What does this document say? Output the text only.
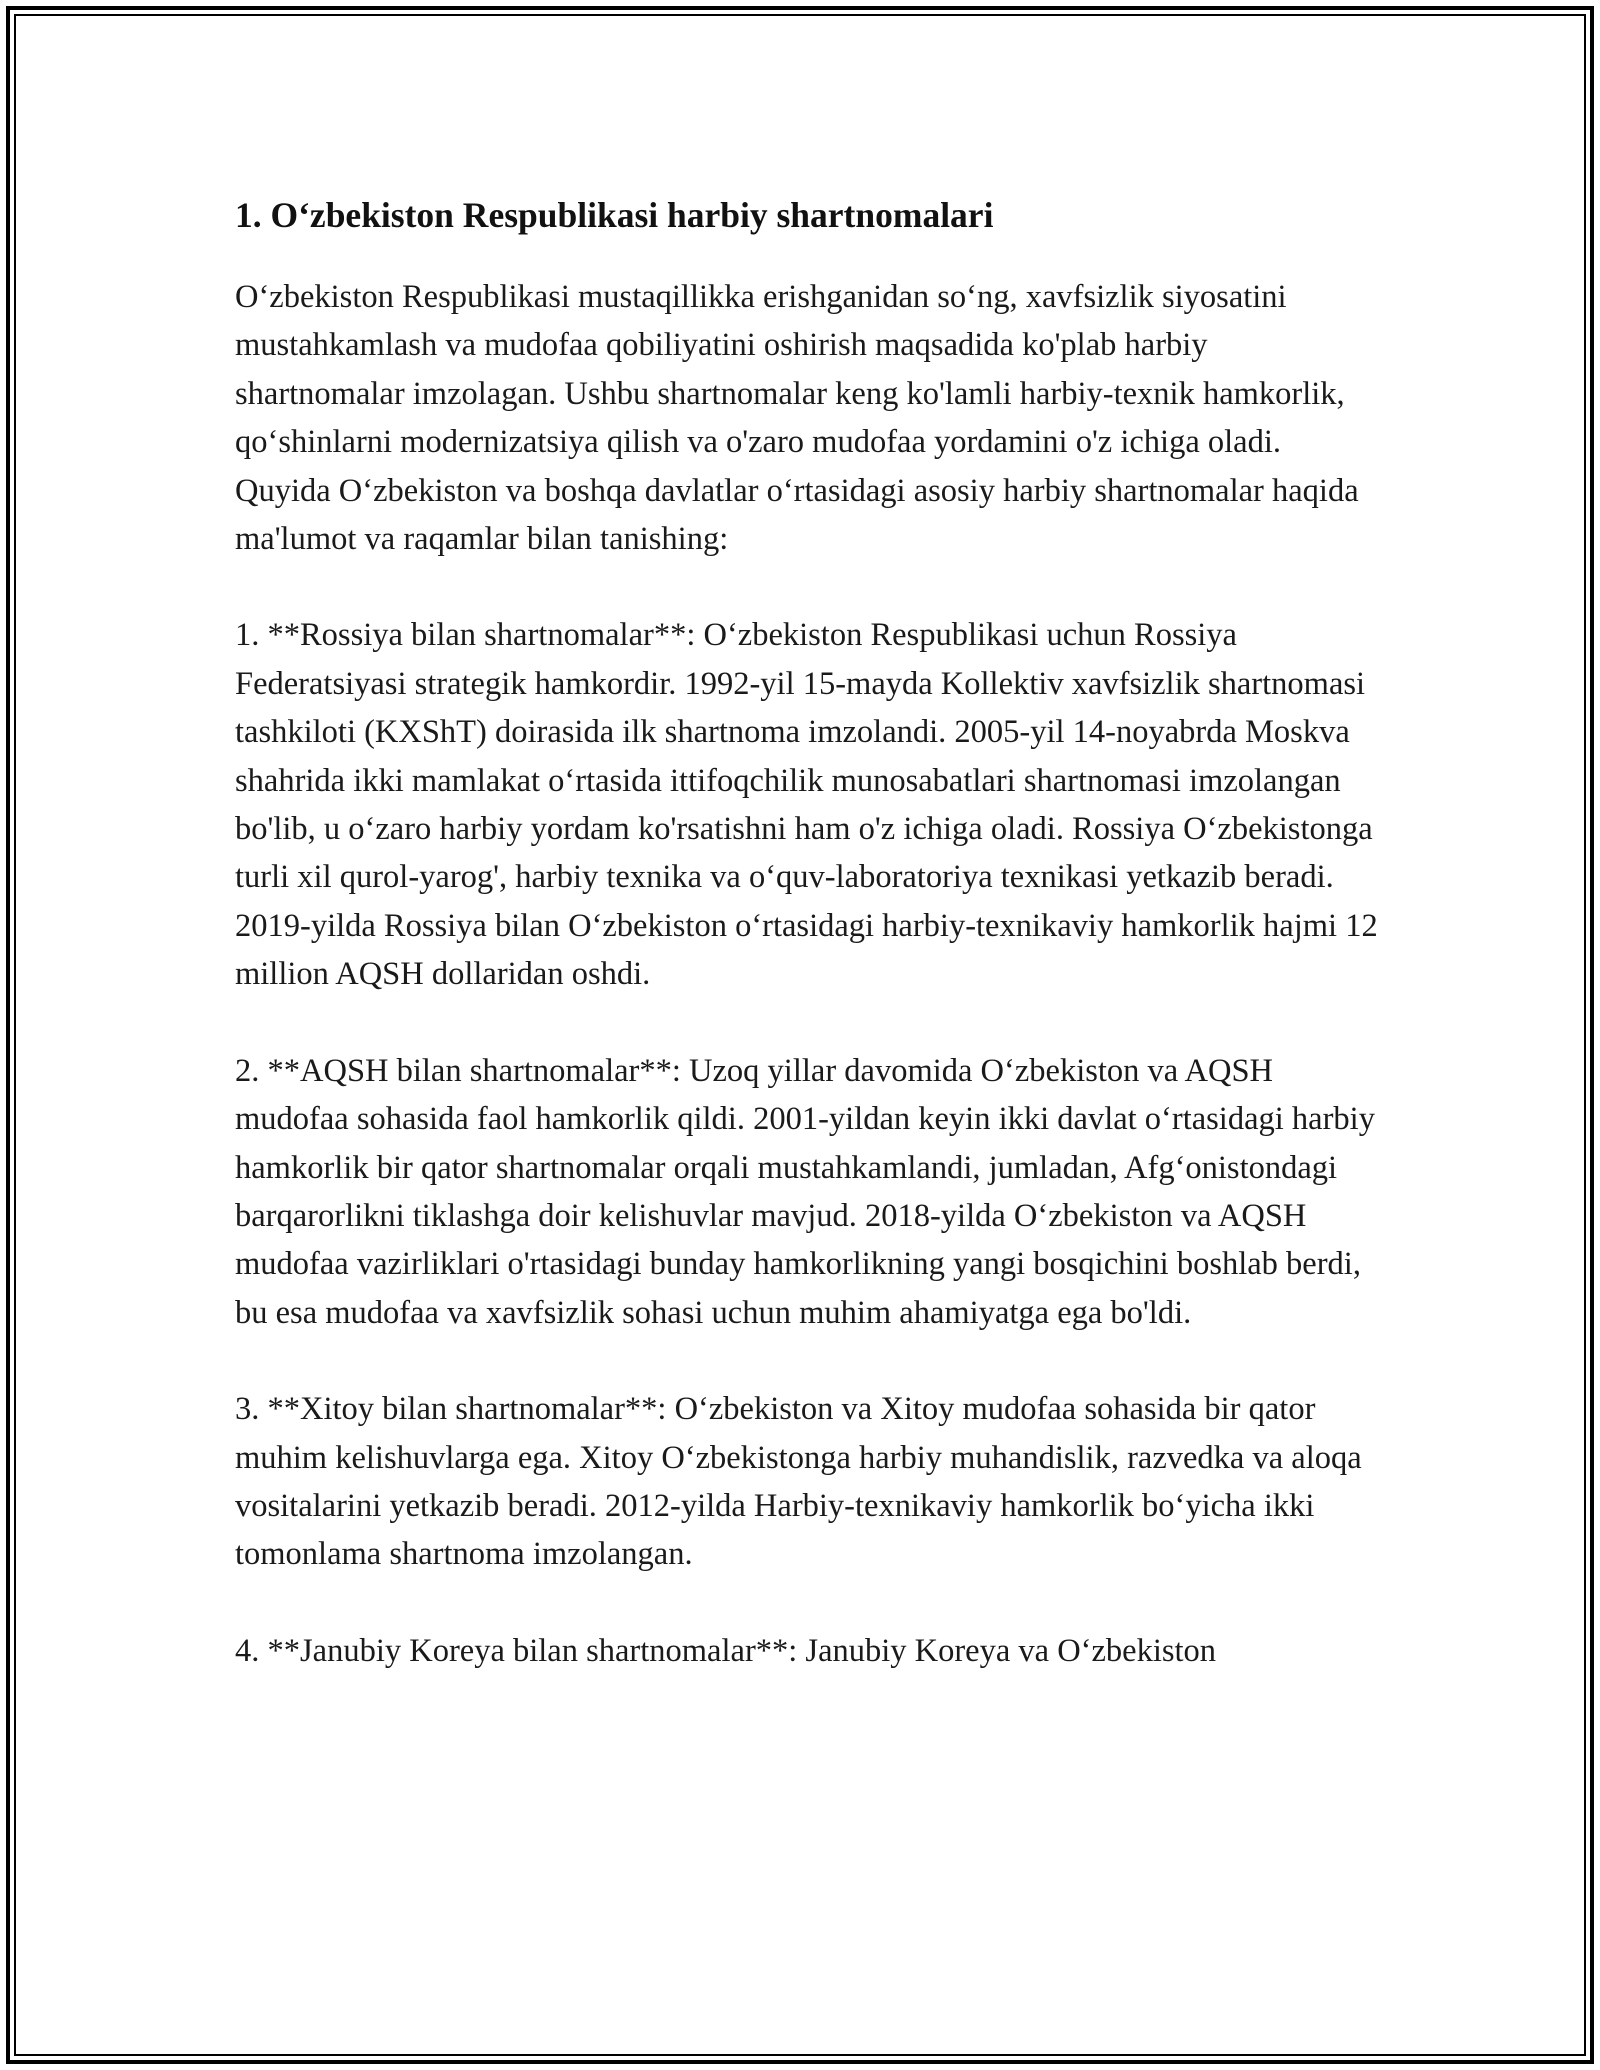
1. O‘zbekiston Respublikasi harbiy shartnomalari

O‘zbekiston Respublikasi mustaqillikka erishganidan so‘ng, xavfsizlik siyosatini mustahkamlash va mudofaa qobiliyatini oshirish maqsadida ko'plab harbiy shartnomalar imzolagan. Ushbu shartnomalar keng ko'lamli harbiy-texnik hamkorlik, qo‘shinlarni modernizatsiya qilish va o'zaro mudofaa yordamini o'z ichiga oladi. Quyida O‘zbekiston va boshqa davlatlar o‘rtasidagi asosiy harbiy shartnomalar haqida ma'lumot va raqamlar bilan tanishing:

1. **Rossiya bilan shartnomalar**: O‘zbekiston Respublikasi uchun Rossiya Federatsiyasi strategik hamkordir. 1992-yil 15-mayda Kollektiv xavfsizlik shartnomasi tashkiloti (KXShT) doirasida ilk shartnoma imzolandi. 2005-yil 14-noyabrda Moskva shahrida ikki mamlakat o‘rtasida ittifoqchilik munosabatlari shartnomasi imzolangan bo'lib, u o‘zaro harbiy yordam ko'rsatishni ham o'z ichiga oladi. Rossiya O‘zbekistonga turli xil qurol-yarog', harbiy texnika va o‘quv-laboratoriya texnikasi yetkazib beradi. 2019-yilda Rossiya bilan O‘zbekiston o‘rtasidagi harbiy-texnikaviy hamkorlik hajmi 12 million AQSH dollaridan oshdi.

2. **AQSH bilan shartnomalar**: Uzoq yillar davomida O‘zbekiston va AQSH mudofaa sohasida faol hamkorlik qildi. 2001-yildan keyin ikki davlat o‘rtasidagi harbiy hamkorlik bir qator shartnomalar orqali mustahkamlandi, jumladan, Afg‘onistondagi barqarorlikni tiklashga doir kelishuvlar mavjud. 2018-yilda O‘zbekiston va AQSH mudofaa vazirliklari o'rtasidagi bunday hamkorlikning yangi bosqichini boshlab berdi, bu esa mudofaa va xavfsizlik sohasi uchun muhim ahamiyatga ega bo'ldi.

3. **Xitoy bilan shartnomalar**: O‘zbekiston va Xitoy mudofaa sohasida bir qator muhim kelishuvlarga ega. Xitoy O‘zbekistonga harbiy muhandislik, razvedka va aloqa vositalarini yetkazib beradi. 2012-yilda Harbiy-texnikaviy hamkorlik bo‘yicha ikki tomonlama shartnoma imzolangan.

4. **Janubiy Koreya bilan shartnomalar**: Janubiy Koreya va O‘zbekiston
